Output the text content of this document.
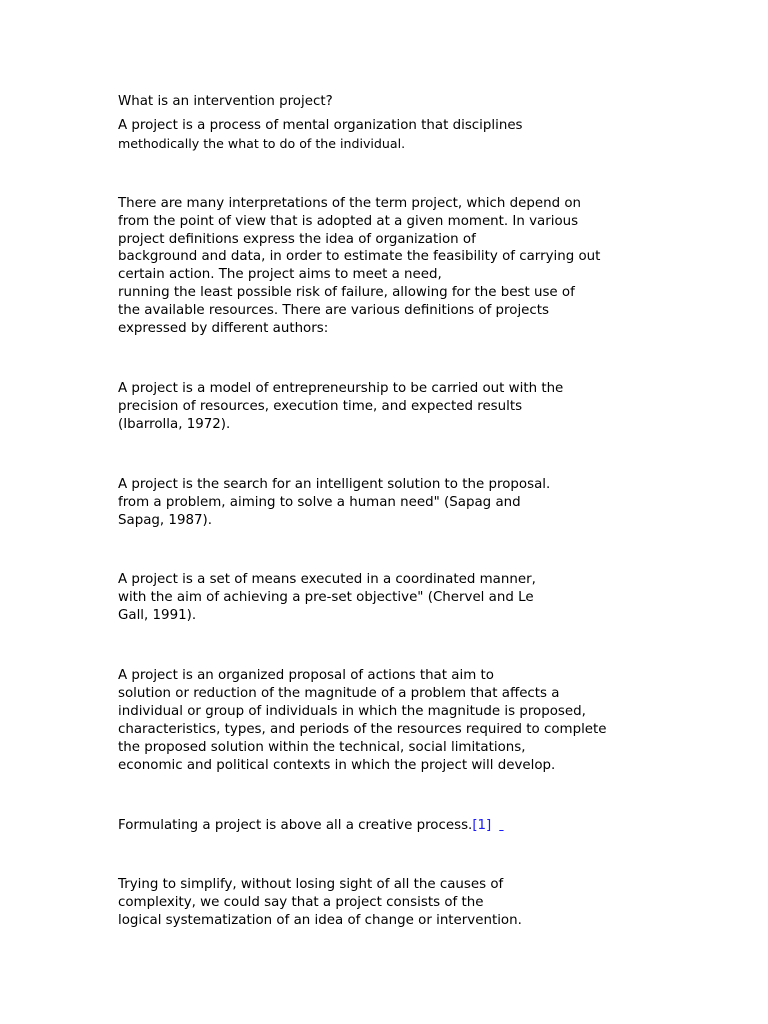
What is an intervention project?
A project is a process of mental organization that disciplines
methodically the what to do of the individual.
There are many interpretations of the term project, which depend on
from the point of view that is adopted at a given moment. In various
project definitions express the idea of organization of
background and data, in order to estimate the feasibility of carrying out
certain action. The project aims to meet a need,
running the least possible risk of failure, allowing for the best use of
the available resources. There are various definitions of projects
expressed by different authors:
A project is a model of entrepreneurship to be carried out with the
precision of resources, execution time, and expected results
(Ibarrolla, 1972).
A project is the search for an intelligent solution to the proposal.
from a problem, aiming to solve a human need" (Sapag and
Sapag, 1987).
A project is a set of means executed in a coordinated manner,
with the aim of achieving a pre-set objective" (Chervel and Le
Gall, 1991).
A project is an organized proposal of actions that aim to
solution or reduction of the magnitude of a problem that affects a
individual or group of individuals in which the magnitude is proposed,
characteristics, types, and periods of the resources required to complete
the proposed solution within the technical, social limitations,
economic and political contexts in which the project will develop.
Formulating a project is above all a creative process.[1]
Trying to simplify, without losing sight of all the causes of
complexity, we could say that a project consists of the
logical systematization of an idea of change or intervention.
